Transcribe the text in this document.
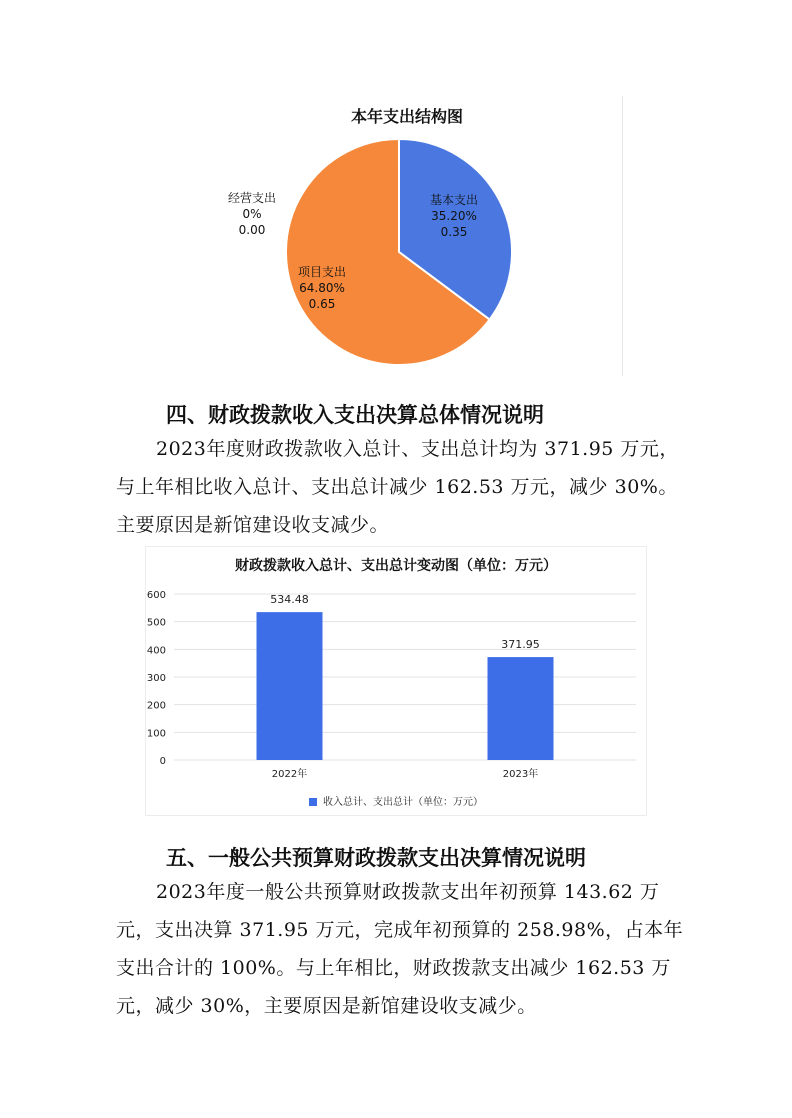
本年支出结构图
基本支出
35.20%
0.35
项目支出
64.80%
0.65
经营支出
0%
0.00
四、财政拨款收入支出决算总体情况说明
2023年度财政拨款收入总计、支出总计均为 371.95 万元，与上年相比收入总计、支出总计减少 162.53 万元，减少 30%。主要原因是新馆建设收支减少。
财政拨款收入总计、支出总计变动图（单位：万元）
0
100
200
300
400
500
600	534.48
2022年
371.95
2023年
收入总计、支出总计（单位：万元）
五、一般公共预算财政拨款支出决算情况说明
2023年度一般公共预算财政拨款支出年初预算 143.62 万元，支出决算 371.95 万元，完成年初预算的 258.98%，占本年支出合计的 100%。与上年相比，财政拨款支出减少 162.53 万元，减少 30%，主要原因是新馆建设收支减少。
